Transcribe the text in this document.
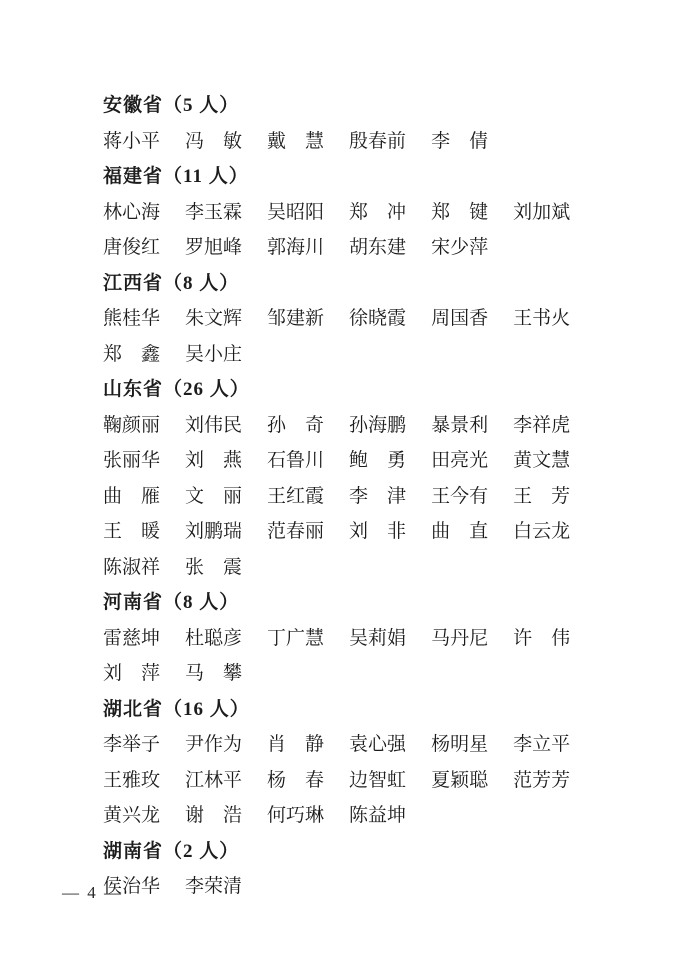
安徽省（5 人）
蒋小平 冯　敏 戴　慧 殷春前 李　倩
福建省（11 人）
林心海 李玉霖 吴昭阳 郑　冲 郑　键 刘加斌
唐俊红 罗旭峰 郭海川 胡东建 宋少萍
江西省（8 人）
熊桂华 朱文辉 邹建新 徐晓霞 周国香 王书火
郑　鑫 吴小庄
山东省（26 人）
鞠颜丽 刘伟民 孙　奇 孙海鹏 暴景利 李祥虎
张丽华 刘　燕 石鲁川 鲍　勇 田亮光 黄文慧
曲　雁 文　丽 王红霞 李　津 王今有 王　芳
王　暖 刘鹏瑞 范春丽 刘　非 曲　直 白云龙
陈淑祥 张　震
河南省（8 人）
雷慈坤 杜聪彦 丁广慧 吴莉娟 马丹尼 许　伟
刘　萍 马　攀
湖北省（16 人）
李举子 尹作为 肖　静 袁心强 杨明星 李立平
王雅玫 江林平 杨　春 边智虹 夏颖聪 范芳芳
黄兴龙 谢　浩 何巧琳 陈益坤
湖南省（2 人）
侯治华 李荣清
— 4 —
